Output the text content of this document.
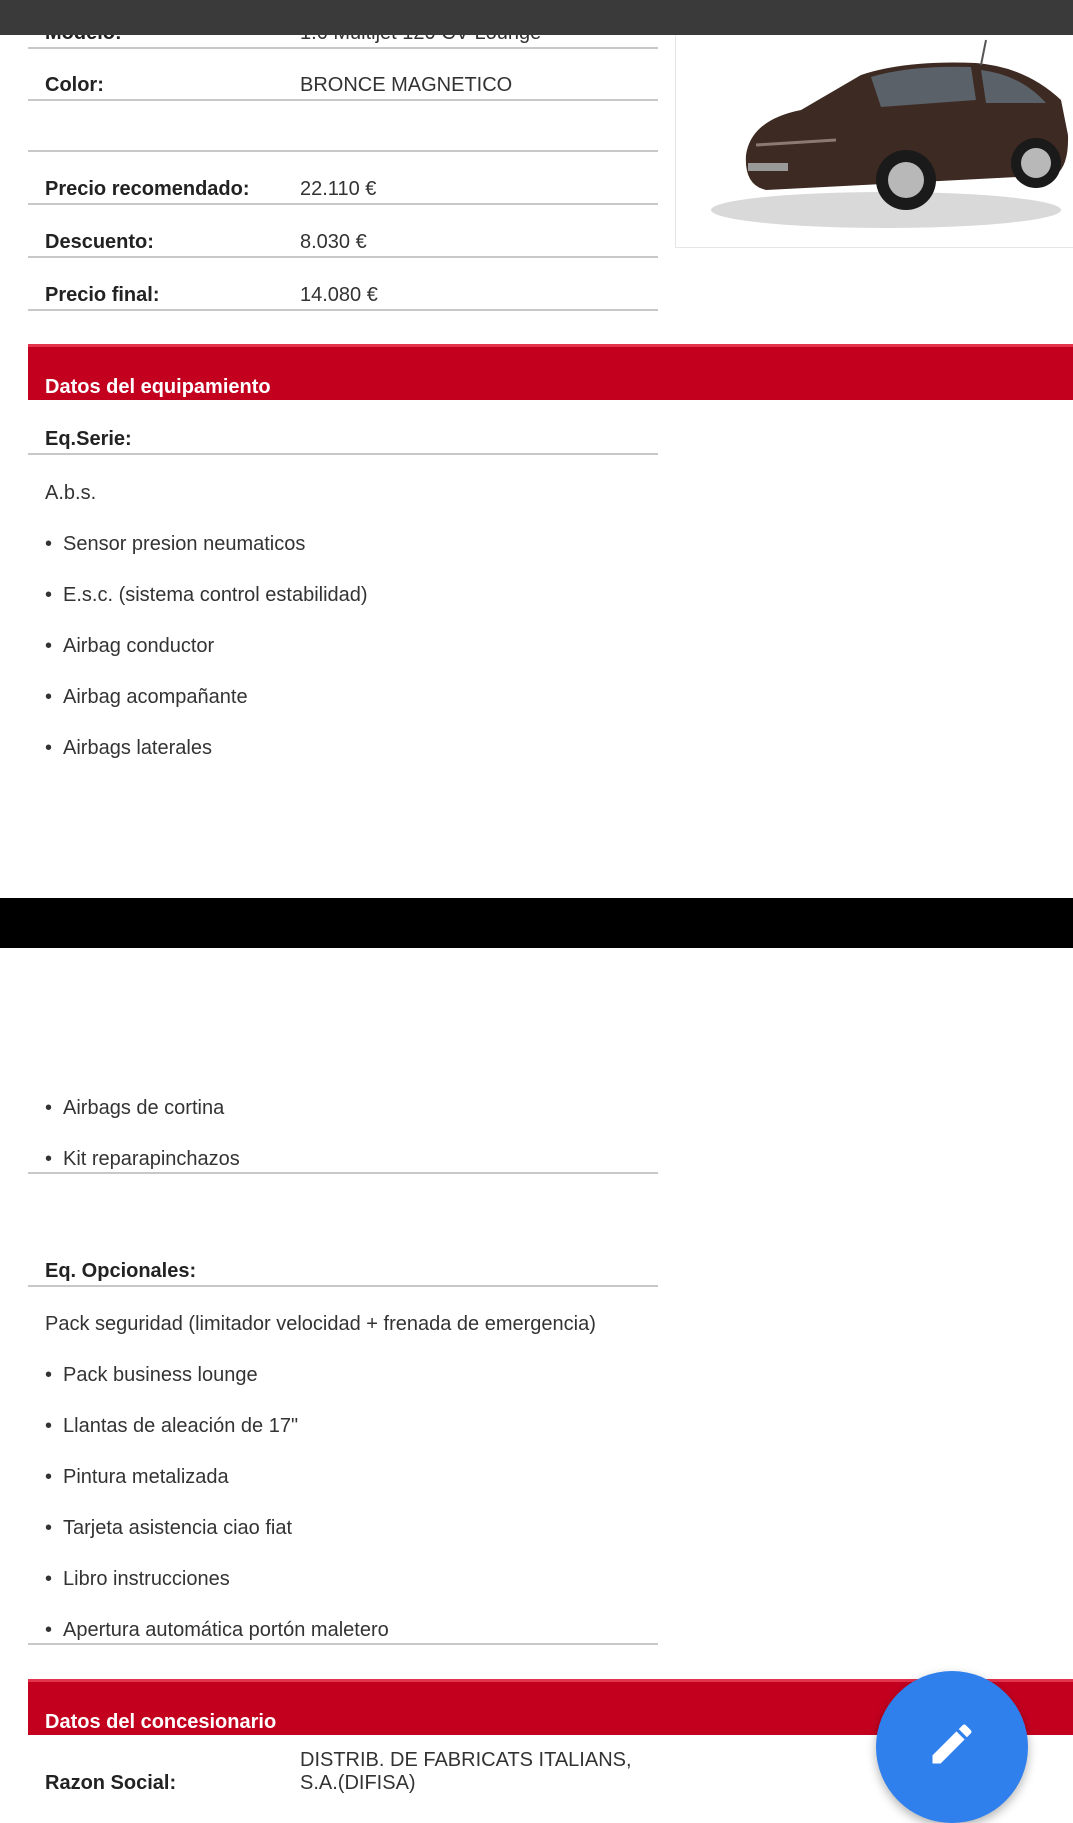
Color:	BRONCE MAGNETICO
Precio recomendado:	22.110 €
Descuento:	8.030 €
Precio final:	14.080 €
Datos del equipamiento
Eq.Serie:
A.b.s.
• Sensor presion neumaticos
• E.s.c. (sistema control estabilidad)
• Airbag conductor
• Airbag acompañante
• Airbags laterales
• Airbags de cortina
• Kit reparapinchazos
Eq. Opcionales:
Pack seguridad (limitador velocidad + frenada de emergencia)
• Pack business lounge
• Llantas de aleación de 17"
• Pintura metalizada
• Tarjeta asistencia ciao fiat
• Libro instrucciones
• Apertura automática portón maletero
Datos del concesionario
Razon Social:
DISTRIB. DE FABRICATS ITALIANS, S.A.(DIFISA)
